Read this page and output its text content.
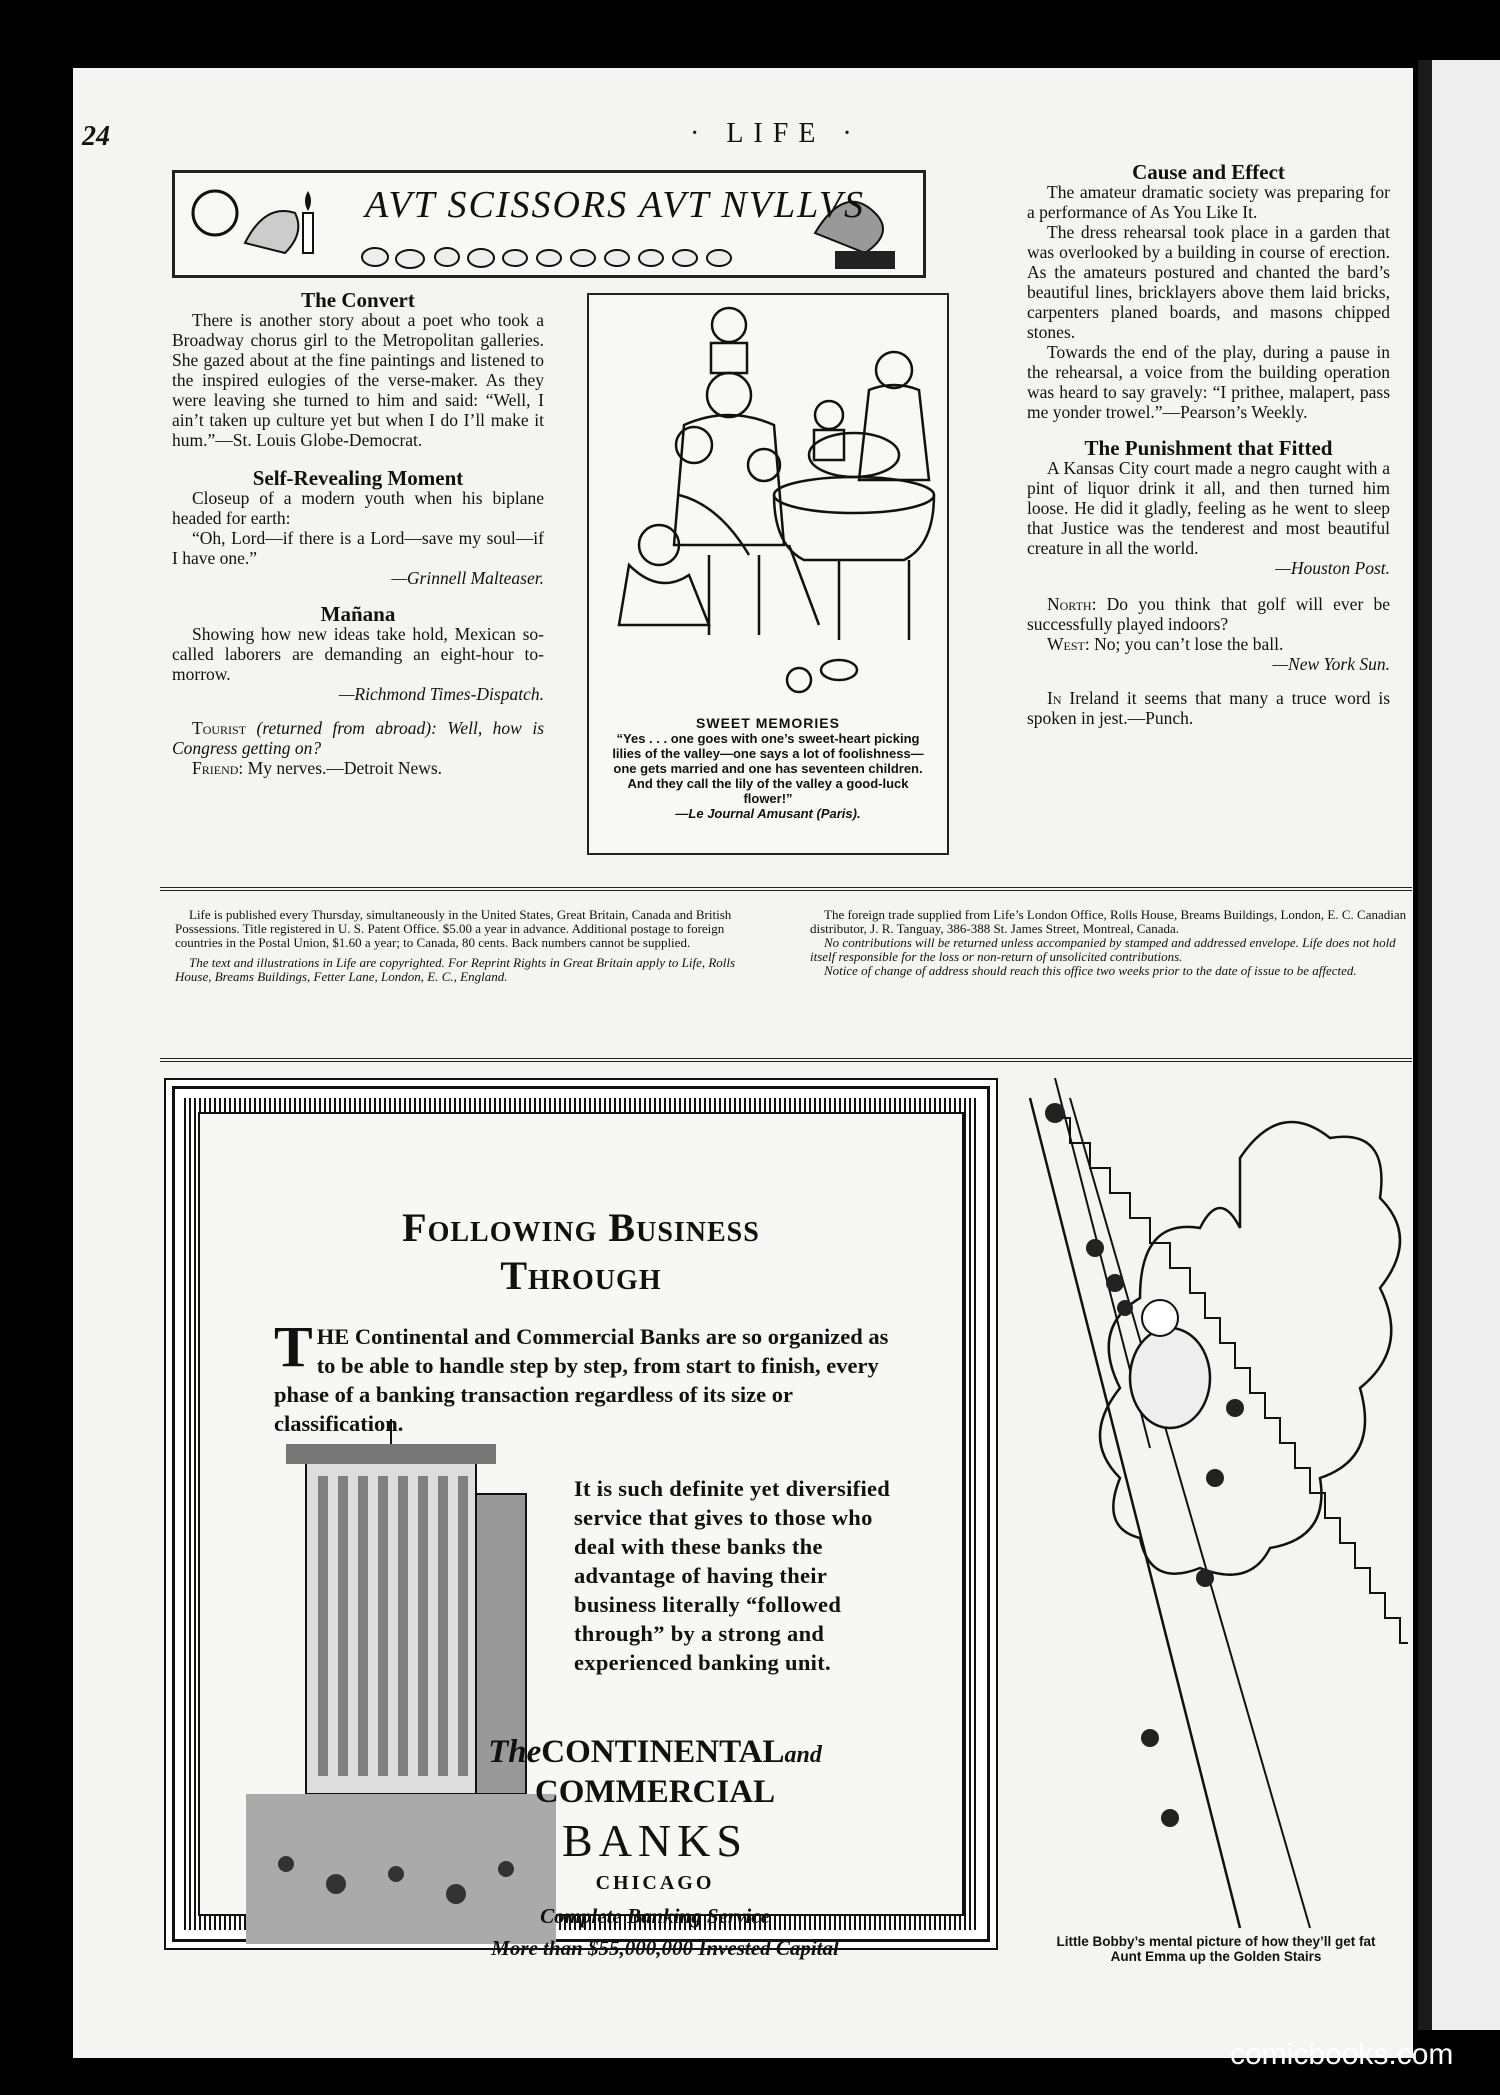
24	· LIFE ·
AVT SCISSORS AVT NVLLVS
The Convert

There is another story about a poet who took a Broadway chorus girl to the Metropolitan galleries. She gazed about at the fine paintings and listened to the inspired eulogies of the verse-maker. As they were leaving she turned to him and said: “Well, I ain’t taken up culture yet but when I do I’ll make it hum.”—St. Louis Globe-Democrat.

Self-Revealing Moment

Closeup of a modern youth when his biplane headed for earth:

“Oh, Lord—if there is a Lord—save my soul—if I have one.”

—Grinnell Malteaser.
Mañana

Showing how new ideas take hold, Mexican so-called laborers are demanding an eight-hour to-morrow.

—Richmond Times-Dispatch.

Tourist (returned from abroad): Well, how is Congress getting on?

Friend: My nerves.—Detroit News.

SWEET MEMORIES
“Yes . . . one goes with one’s sweet-heart picking lilies of the valley—one says a lot of foolishness—one gets married and one has seventeen children. And they call the lily of the valley a good-luck flower!”
—Le Journal Amusant (Paris).
Cause and Effect

The amateur dramatic society was preparing for a performance of As You Like It.

The dress rehearsal took place in a garden that was overlooked by a building in course of erection. As the amateurs postured and chanted the bard’s beautiful lines, bricklayers above them laid bricks, carpenters planed boards, and masons chipped stones.

Towards the end of the play, during a pause in the rehearsal, a voice from the building operation was heard to say gravely: “I prithee, malapert, pass me yonder trowel.”—Pearson’s Weekly.

The Punishment that Fitted

A Kansas City court made a negro caught with a pint of liquor drink it all, and then turned him loose. He did it gladly, feeling as he went to sleep that Justice was the tenderest and most beautiful creature in all the world.

—Houston Post.

North: Do you think that golf will ever be successfully played indoors?

West: No; you can’t lose the ball.

—New York Sun.

In Ireland it seems that many a truce word is spoken in jest.—Punch.

Life is published every Thursday, simultaneously in the United States, Great Britain, Canada and British Possessions. Title registered in U. S. Patent Office. $5.00 a year in advance. Additional postage to foreign countries in the Postal Union, $1.60 a year; to Canada, 80 cents. Back numbers cannot be supplied.

The text and illustrations in Life are copyrighted. For Reprint Rights in Great Britain apply to Life, Rolls House, Breams Buildings, Fetter Lane, London, E. C., England.

The foreign trade supplied from Life’s London Office, Rolls House, Breams Buildings, London, E. C. Canadian distributor, J. R. Tanguay, 386-388 St. James Street, Montreal, Canada.

No contributions will be returned unless accompanied by stamped and addressed envelope. Life does not hold itself responsible for the loss or non-return of unsolicited contributions.

Notice of change of address should reach this office two weeks prior to the date of issue to be affected.

Following Business
Through
THE Continental and Commercial Banks are so organized as to be able to handle step by step, from start to finish, every phase of a banking transaction regardless of its size or classification.
It is such definite yet diversified service that gives to those who deal with these banks the advantage of having their business literally “followed through” by a strong and experienced banking unit.
TheCONTINENTALand
COMMERCIAL
BANKS
CHICAGO
Complete Banking Service
More than $55,000,000 Invested Capital	Little Bobby’s mental picture of how they’ll get fat Aunt Emma up the Golden Stairs
comicbooks.com
